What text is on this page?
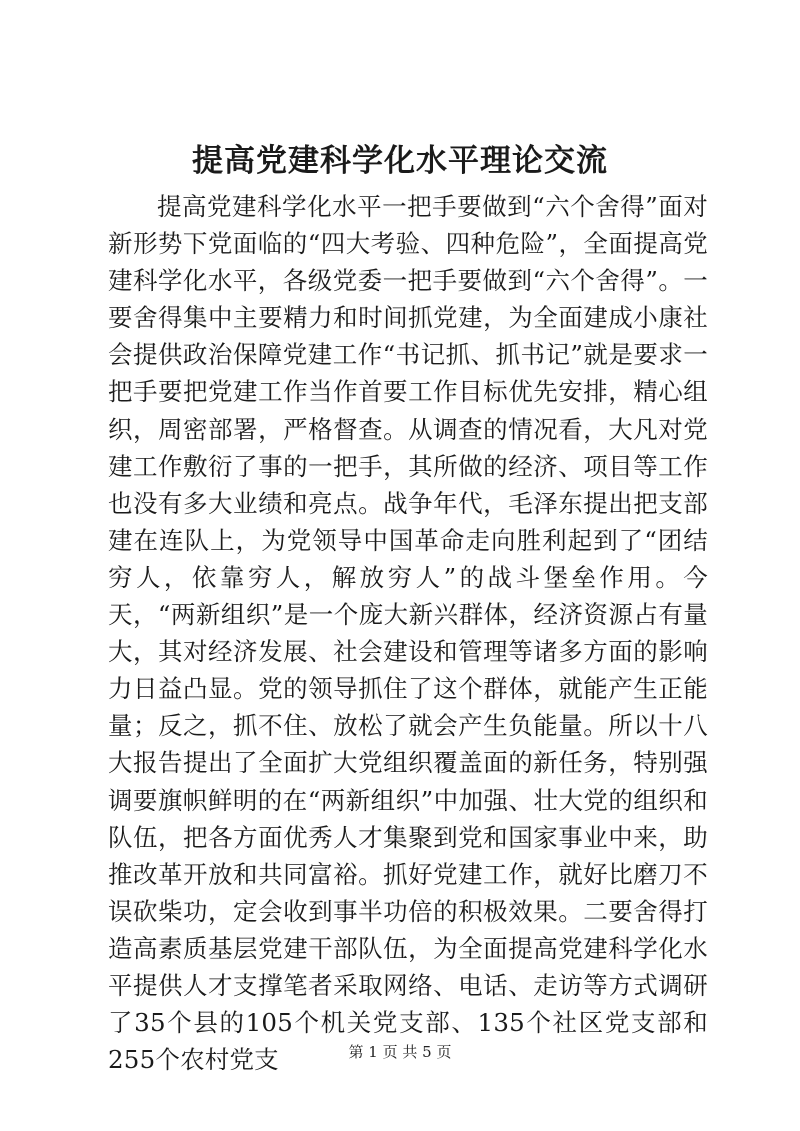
提高党建科学化水平理论交流

提高党建科学化水平一把手要做到“六个舍得”面对新形势下党面临的“四大考验、四种危险”，全面提高党建科学化水平，各级党委一把手要做到“六个舍得”。一要舍得集中主要精力和时间抓党建，为全面建成小康社会提供政治保障党建工作“书记抓、抓书记”就是要求一把手要把党建工作当作首要工作目标优先安排，精心组织，周密部署，严格督查。从调查的情况看，大凡对党建工作敷衍了事的一把手，其所做的经济、项目等工作也没有多大业绩和亮点。战争年代，毛泽东提出把支部建在连队上，为党领导中国革命走向胜利起到了“团结穷人，依靠穷人，解放穷人”的战斗堡垒作用。今天，“两新组织”是一个庞大新兴群体，经济资源占有量大，其对经济发展、社会建设和管理等诸多方面的影响力日益凸显。党的领导抓住了这个群体，就能产生正能量；反之，抓不住、放松了就会产生负能量。所以十八大报告提出了全面扩大党组织覆盖面的新任务，特别强调要旗帜鲜明的在“两新组织”中加强、壮大党的组织和队伍，把各方面优秀人才集聚到党和国家事业中来，助推改革开放和共同富裕。抓好党建工作，就好比磨刀不误砍柴功，定会收到事半功倍的积极效果。二要舍得打造高素质基层党建干部队伍，为全面提高党建科学化水平提供人才支撑笔者采取网络、电话、走访等方式调研了35个县的105个机关党支部、135个社区党支部和255个农村党支	第 1 页 共 5 页
